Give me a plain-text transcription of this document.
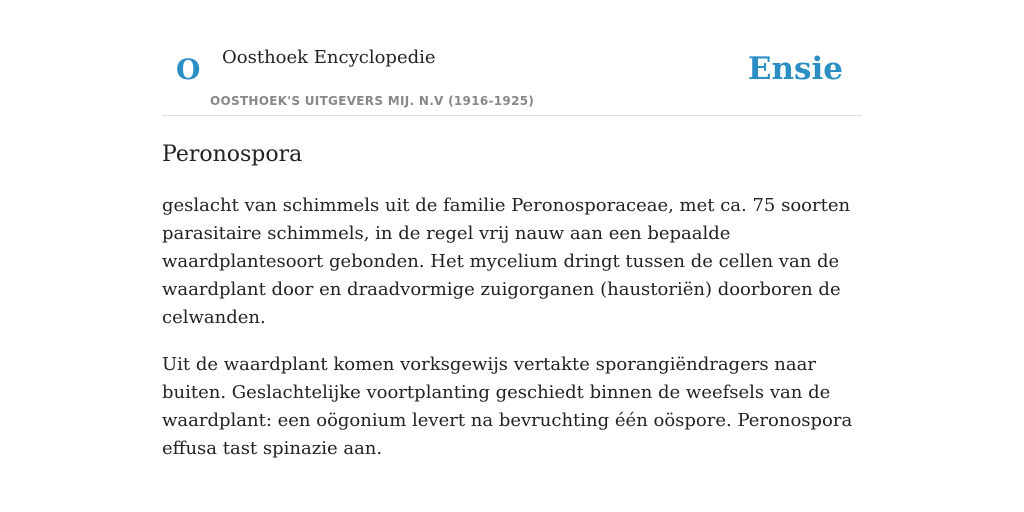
O Oosthoek Encyclopedie
OOSTHOEK'S UITGEVERS MIJ. N.V (1916-1925)
Ensie
Peronospora

geslacht van schimmels uit de familie Peronosporaceae, met ca. 75 soorten parasitaire schimmels, in de regel vrij nauw aan een bepaalde waardplantesoort gebonden. Het mycelium dringt tussen de cellen van de waardplant door en draadvormige zuigorganen (haustoriën) doorboren de celwanden.

Uit de waardplant komen vorksgewijs vertakte sporangiëndragers naar buiten. Geslachtelijke voortplanting geschiedt binnen de weefsels van de waardplant: een oögonium levert na bevruchting één oöspore. Peronospora effusa tast spinazie aan.
